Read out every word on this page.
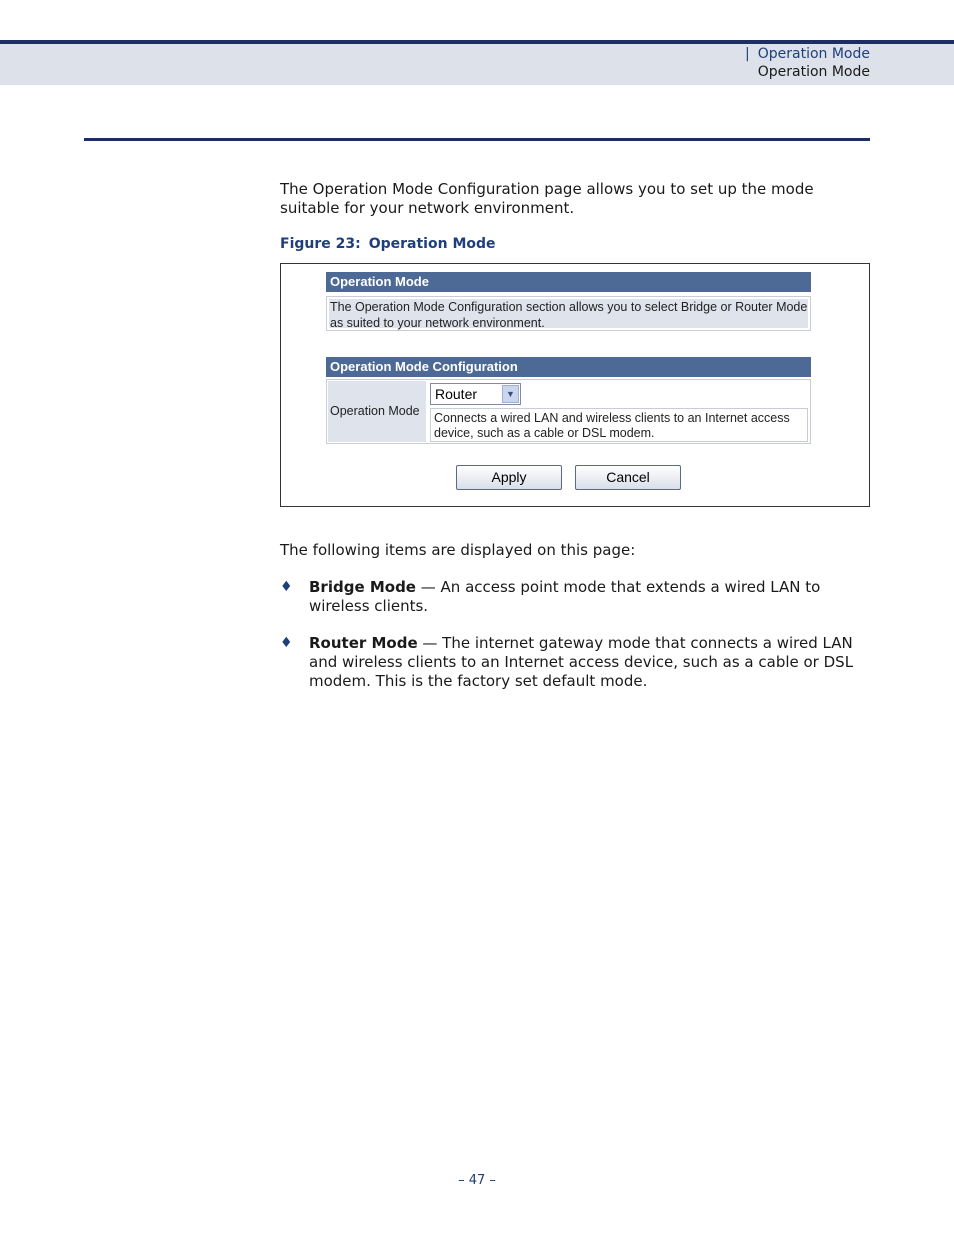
| Operation Mode
Operation Mode
The Operation Mode Configuration page allows you to set up the mode suitable for your network environment.
Figure 23: Operation Mode
Operation Mode
The Operation Mode Configuration section allows you to select Bridge or Router Mode as suited to your network environment.
Operation Mode Configuration
Operation Mode
Router	▼
Connects a wired LAN and wireless clients to an Internet access device, such as a cable or DSL modem.
Apply	Cancel
The following items are displayed on this page:
♦ Bridge Mode — An access point mode that extends a wired LAN to wireless clients.
♦ Router Mode — The internet gateway mode that connects a wired LAN and wireless clients to an Internet access device, such as a cable or DSL modem. This is the factory set default mode.
– 47 –
